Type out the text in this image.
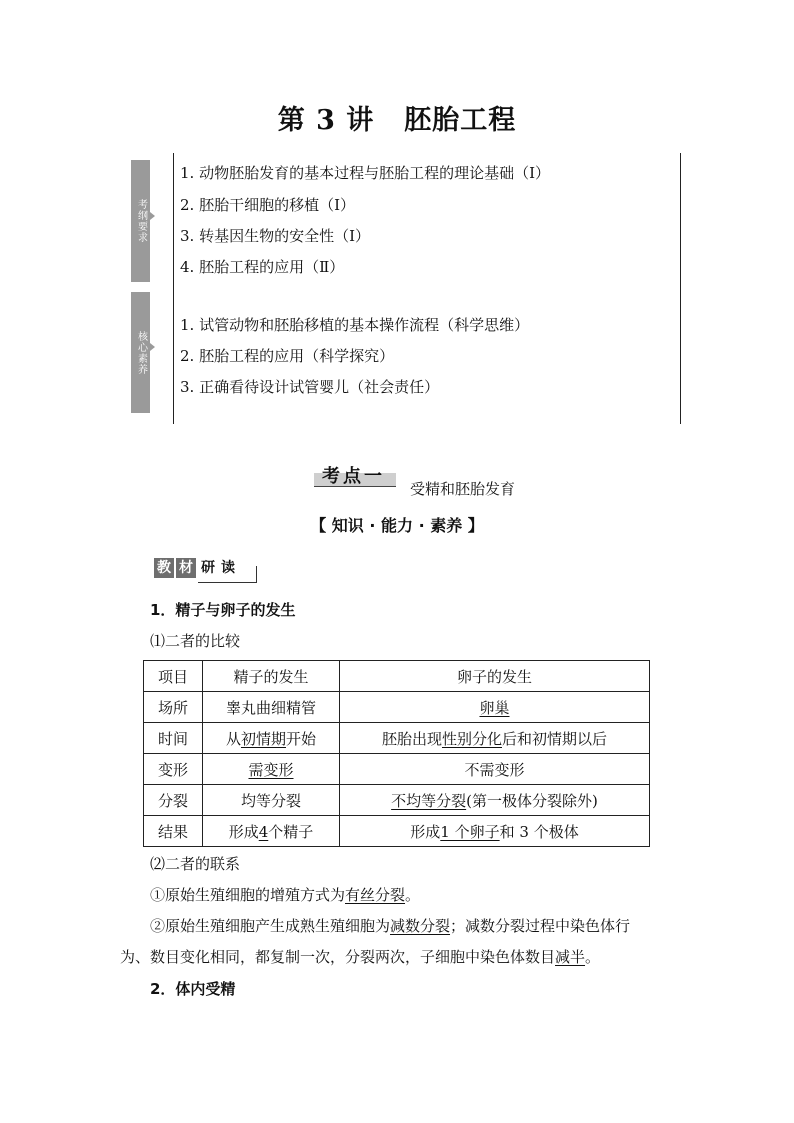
第 3 讲 胚胎工程
考纲要求
1. 动物胚胎发育的基本过程与胚胎工程的理论基础（Ⅰ）
2. 胚胎干细胞的移植（Ⅰ）
3. 转基因生物的安全性（Ⅰ）
4. 胚胎工程的应用（Ⅱ）
核心素养
1. 试管动物和胚胎移植的基本操作流程（科学思维）
2. 胚胎工程的应用（科学探究）
3. 正确看待设计试管婴儿（社会责任）
考点一
受精和胚胎发育
【 知识 · 能力 · 素养 】
教 材 研 读
1．精子与卵子的发生
⑴二者的比较
项目	精子的发生	卵子的发生
场所	睾丸曲细精管	卵巢
时间	从初情期开始	胚胎出现性别分化后和初情期以后
变形	需变形	不需变形
分裂	均等分裂	不均等分裂(第一极体分裂除外)
结果	形成4个精子	形成1 个卵子和 3 个极体
⑵二者的联系
①原始生殖细胞的增殖方式为有丝分裂。
②原始生殖细胞产生成熟生殖细胞为减数分裂；减数分裂过程中染色体行
为、数目变化相同，都复制一次，分裂两次，子细胞中染色体数目减半。
2．体内受精
